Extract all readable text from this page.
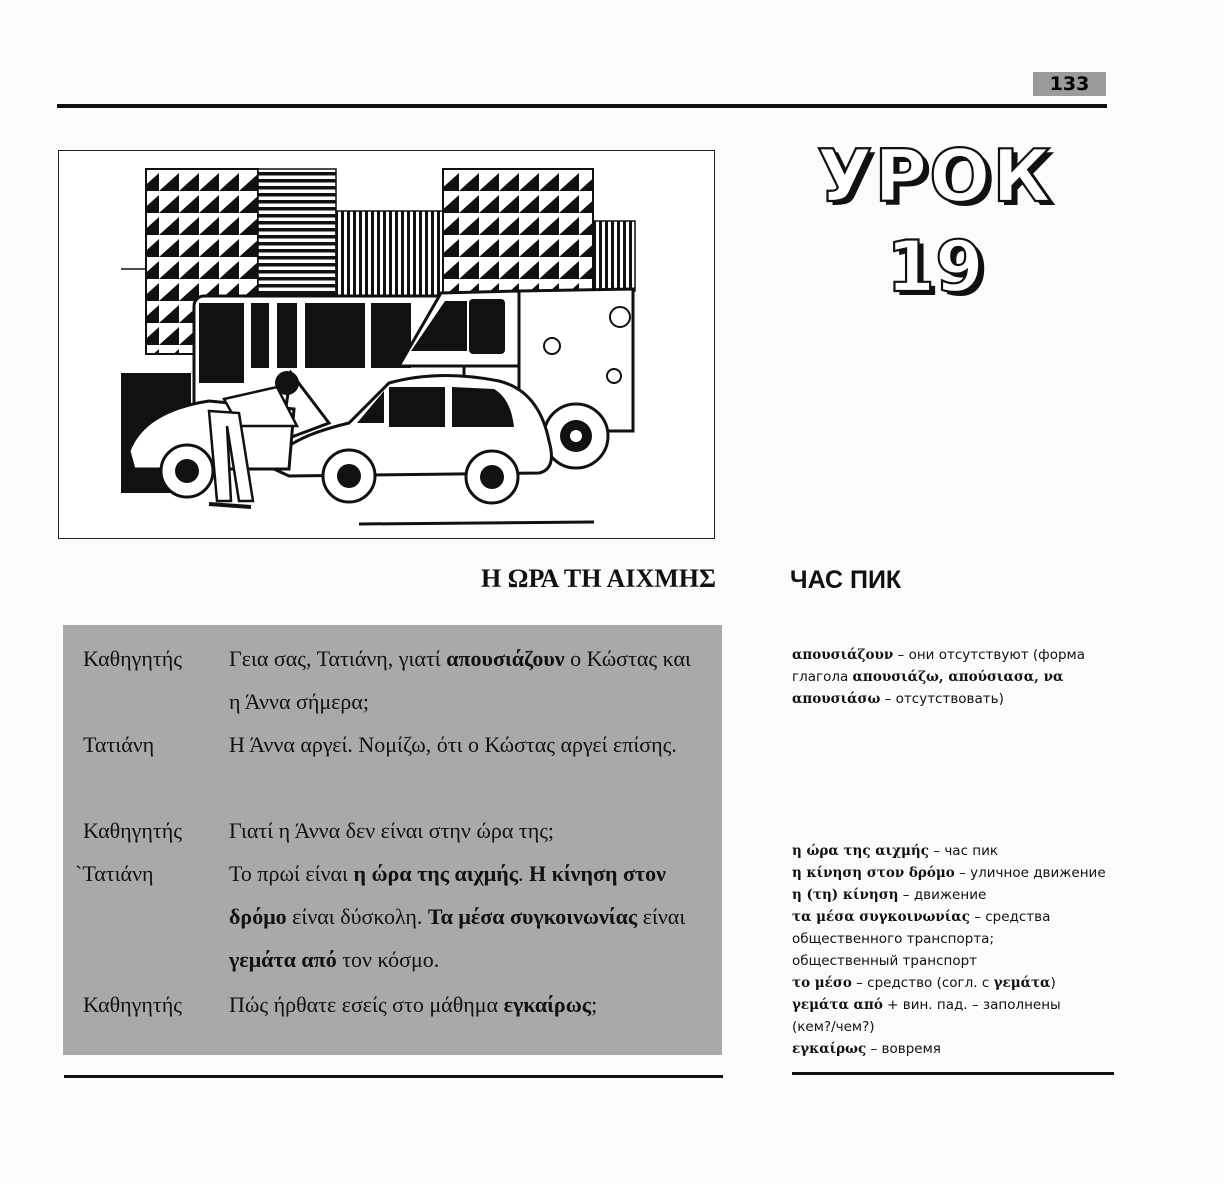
133
УРОК
19
Η ΩΡΑ ΤΗ ΑΙΧΜΗΣ	ЧАС ПИК
Καθηγητής Γεια σας, Τατιάνη, γιατί απουσιάζουν ο Κώστας και η Άννα σήμερα;
Τατιάνη	Η Άννα αργεί. Νομίζω, ότι ο Κώστας αργεί επίσης.
Καθηγητής Γιατί η Άννα δεν είναι στην ώρα της;
`Τατιάνη	Το πρωί είναι η ώρα της αιχμής. Η κίνηση στον δρόμο είναι δύσκολη. Τα μέσα συγκοινωνίας είναι γεμάτα από τον κόσμο.
Καθηγητής Πώς ήρθατε εσείς στο μάθημα εγκαίρως;
απουσιάζουν – они отсутствуют (форма
глагола απουσιάζω, απούσιασα, να
απουσιάσω – отсутствовать)
η ώρα της αιχμής – час пик
η κίνηση στον δρόμο – уличное движение
η (τη) κίνηση – движение
τα μέσα συγκοινωνίας – средства
общественного транспорта;
общественный транспорт
το μέσο – средство (согл. с γεμάτα)
γεμάτα από + вин. пад. – заполнены
(кем?/чем?)
εγκαίρως – вовремя
